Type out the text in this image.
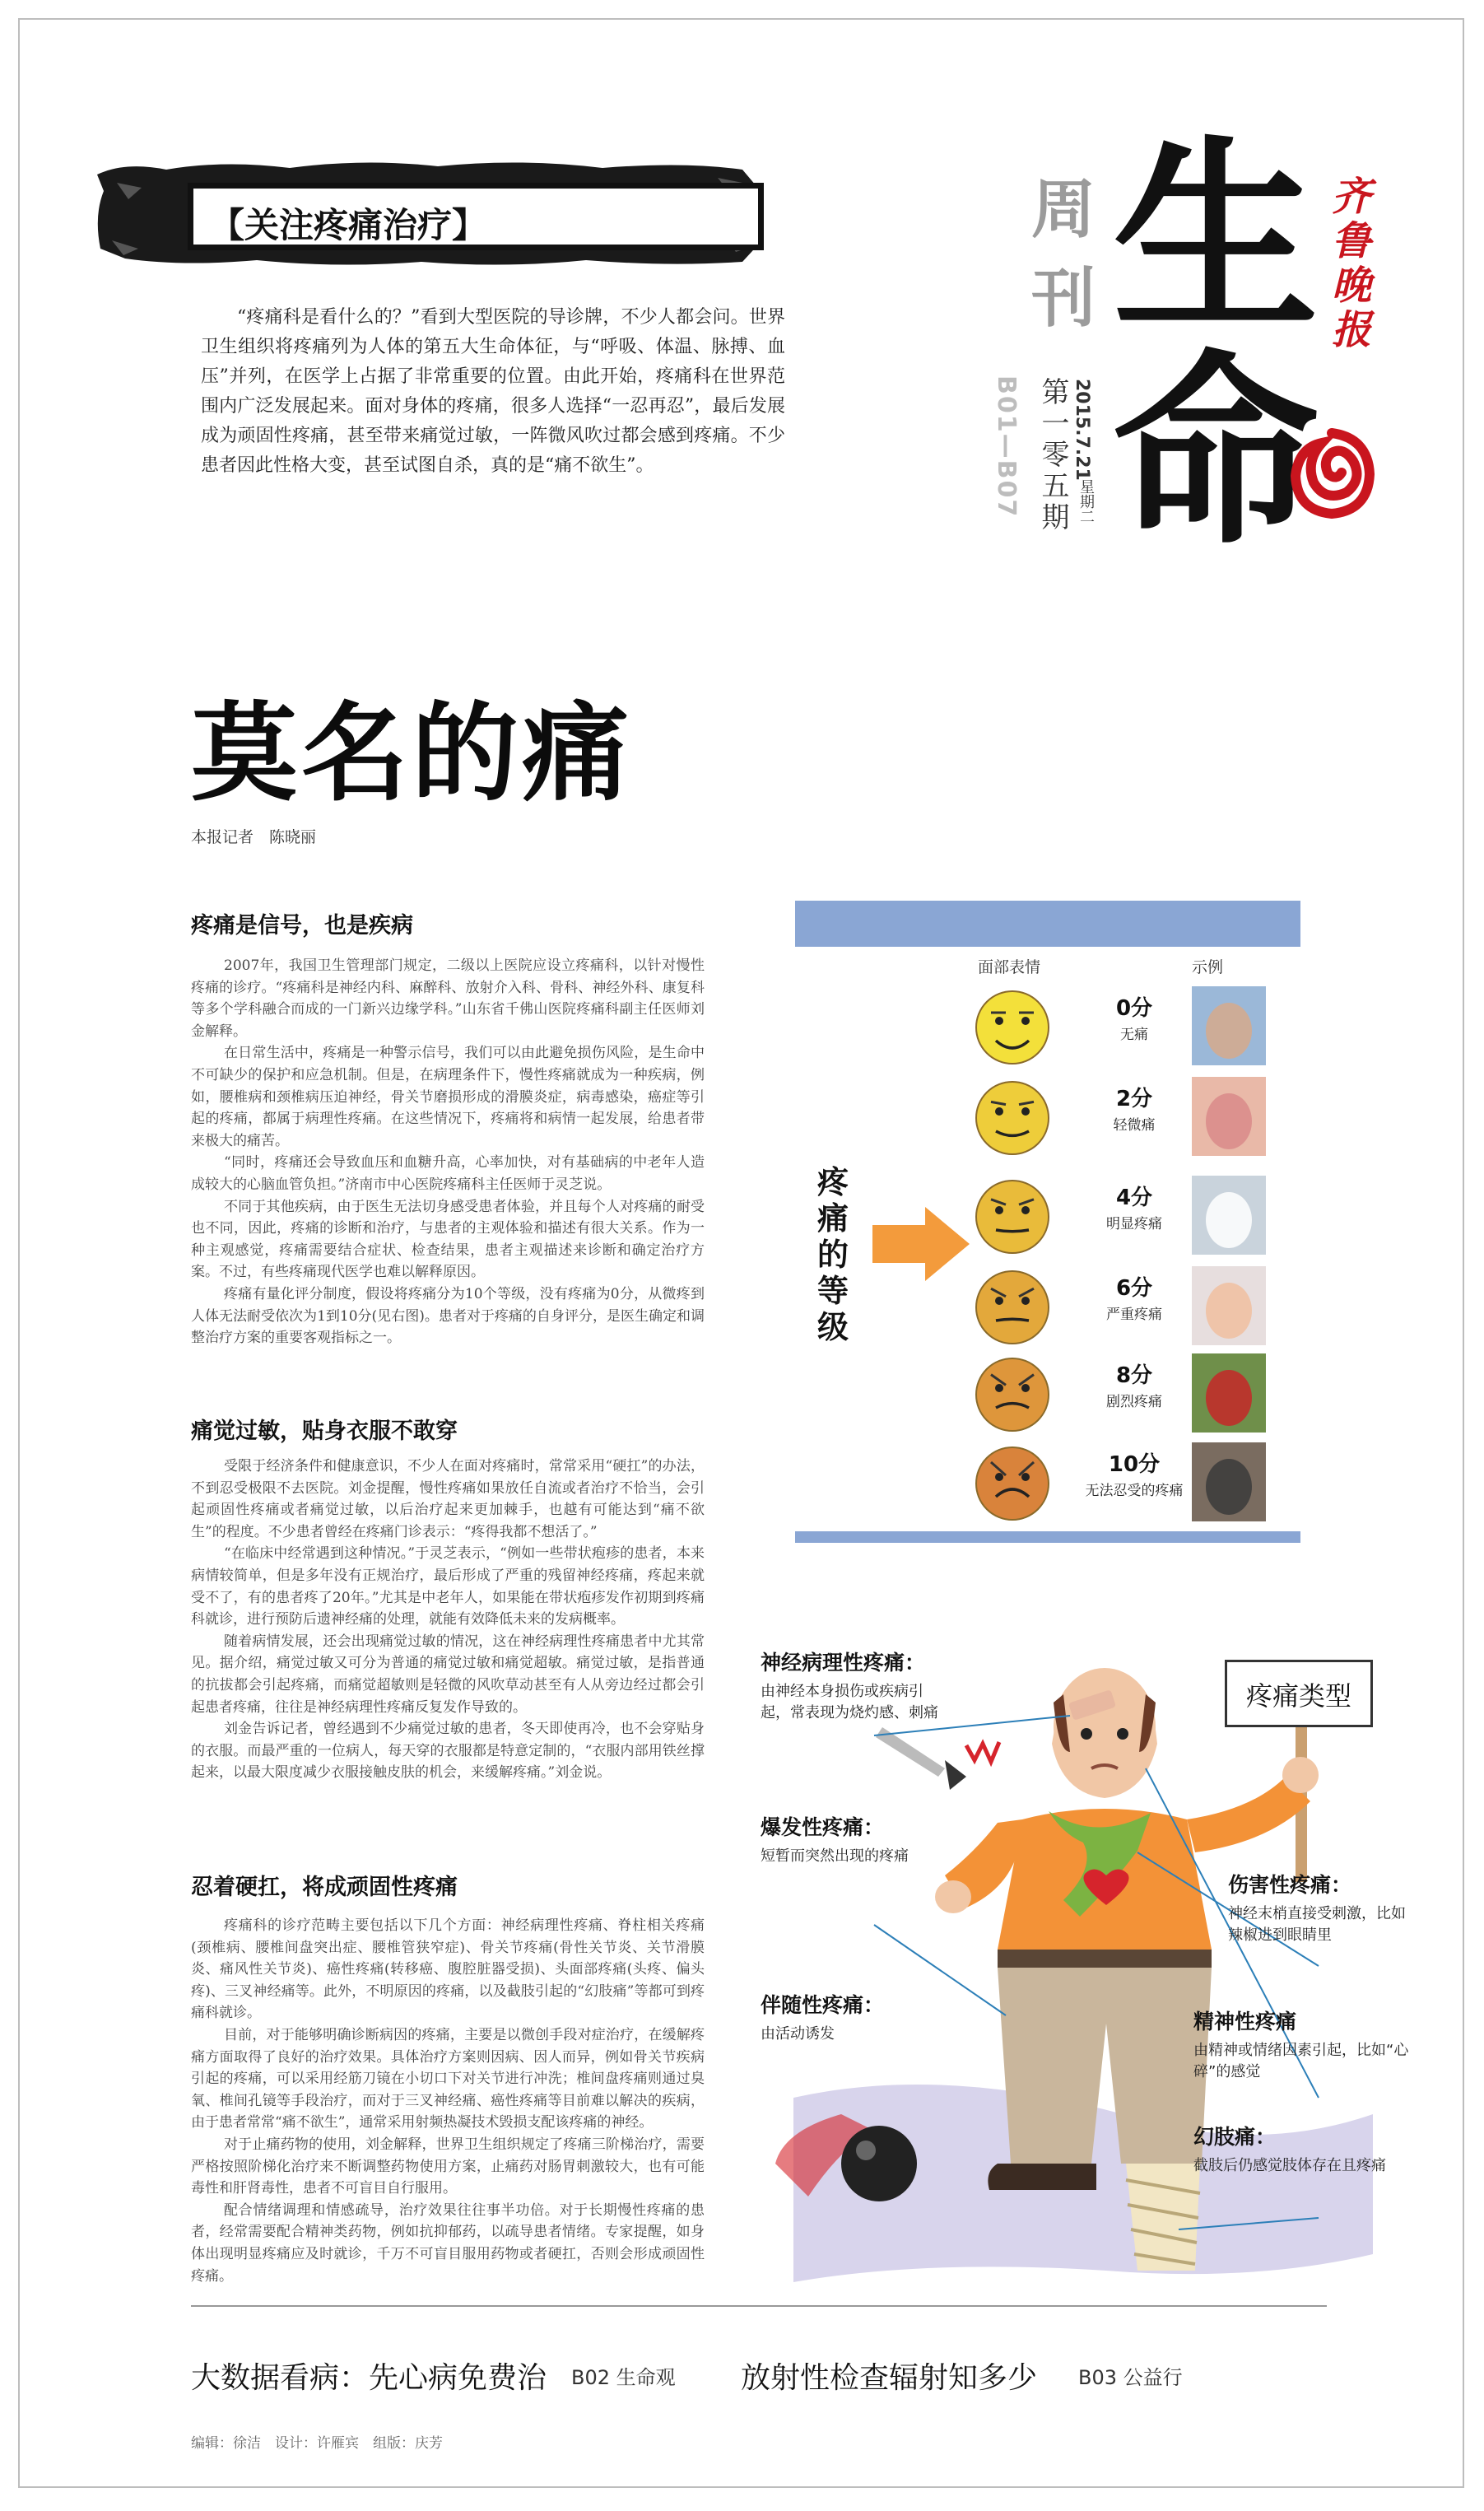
【关注疼痛治疗】

“疼痛科是看什么的？”看到大型医院的导诊牌，不少人都会问。世界卫生组织将疼痛列为人体的第五大生命体征，与“呼吸、体温、脉搏、血压”并列，在医学上占据了非常重要的位置。由此开始，疼痛科在世界范围内广泛发展起来。面对身体的疼痛，很多人选择“一忍再忍”，最后发展成为顽固性疼痛，甚至带来痛觉过敏，一阵微风吹过都会感到疼痛。不少患者因此性格大变，甚至试图自杀，真的是“痛不欲生”。

周
刊
B01—B07 第一零五期 2015.7.21
星期二
生
命
齐鲁晚报
莫名的痛
本报记者　陈晓丽
疼痛是信号，也是疾病

2007年，我国卫生管理部门规定，二级以上医院应设立疼痛科，以针对慢性疼痛的诊疗。“疼痛科是神经内科、麻醉科、放射介入科、骨科、神经外科、康复科等多个学科融合而成的一门新兴边缘学科。”山东省千佛山医院疼痛科副主任医师刘金解释。

在日常生活中，疼痛是一种警示信号，我们可以由此避免损伤风险，是生命中不可缺少的保护和应急机制。但是，在病理条件下，慢性疼痛就成为一种疾病，例如，腰椎病和颈椎病压迫神经，骨关节磨损形成的滑膜炎症，病毒感染，癌症等引起的疼痛，都属于病理性疼痛。在这些情况下，疼痛将和病情一起发展，给患者带来极大的痛苦。

“同时，疼痛还会导致血压和血糖升高，心率加快，对有基础病的中老年人造成较大的心脑血管负担。”济南市中心医院疼痛科主任医师于灵芝说。

不同于其他疾病，由于医生无法切身感受患者体验，并且每个人对疼痛的耐受也不同，因此，疼痛的诊断和治疗，与患者的主观体验和描述有很大关系。作为一种主观感觉，疼痛需要结合症状、检查结果，患者主观描述来诊断和确定治疗方案。不过，有些疼痛现代医学也难以解释原因。

疼痛有量化评分制度，假设将疼痛分为10个等级，没有疼痛为0分，从微疼到人体无法耐受依次为1到10分(见右图)。患者对于疼痛的自身评分，是医生确定和调整治疗方案的重要客观指标之一。

痛觉过敏，贴身衣服不敢穿

受限于经济条件和健康意识，不少人在面对疼痛时，常常采用“硬扛”的办法，不到忍受极限不去医院。刘金提醒，慢性疼痛如果放任自流或者治疗不恰当，会引起顽固性疼痛或者痛觉过敏，以后治疗起来更加棘手，也越有可能达到“痛不欲生”的程度。不少患者曾经在疼痛门诊表示：“疼得我都不想活了。”

“在临床中经常遇到这种情况。”于灵芝表示，“例如一些带状疱疹的患者，本来病情较简单，但是多年没有正规治疗，最后形成了严重的残留神经疼痛，疼起来就受不了，有的患者疼了20年。”尤其是中老年人，如果能在带状疱疹发作初期到疼痛科就诊，进行预防后遗神经痛的处理，就能有效降低未来的发病概率。

随着病情发展，还会出现痛觉过敏的情况，这在神经病理性疼痛患者中尤其常见。据介绍，痛觉过敏又可分为普通的痛觉过敏和痛觉超敏。痛觉过敏，是指普通的抗拔都会引起疼痛，而痛觉超敏则是轻微的风吹草动甚至有人从旁边经过都会引起患者疼痛，往往是神经病理性疼痛反复发作导致的。

刘金告诉记者，曾经遇到不少痛觉过敏的患者，冬天即使再冷，也不会穿贴身的衣服。而最严重的一位病人，每天穿的衣服都是特意定制的，“衣服内部用铁丝撑起来，以最大限度减少衣服接触皮肤的机会，来缓解疼痛。”刘金说。

忍着硬扛，将成顽固性疼痛

疼痛科的诊疗范畴主要包括以下几个方面：神经病理性疼痛、脊柱相关疼痛(颈椎病、腰椎间盘突出症、腰椎管狭窄症)、骨关节疼痛(骨性关节炎、关节滑膜炎、痛风性关节炎)、癌性疼痛(转移癌、腹腔脏器受损)、头面部疼痛(头疼、偏头疼)、三叉神经痛等。此外，不明原因的疼痛，以及截肢引起的“幻肢痛”等都可到疼痛科就诊。

目前，对于能够明确诊断病因的疼痛，主要是以微创手段对症治疗，在缓解疼痛方面取得了良好的治疗效果。具体治疗方案则因病、因人而异，例如骨关节疾病引起的疼痛，可以采用经筋刀镜在小切口下对关节进行冲洗；椎间盘疼痛则通过臭氧、椎间孔镜等手段治疗，而对于三叉神经痛、癌性疼痛等目前难以解决的疾病，由于患者常常“痛不欲生”，通常采用射频热凝技术毁损支配该疼痛的神经。

对于止痛药物的使用，刘金解释，世界卫生组织规定了疼痛三阶梯治疗，需要严格按照阶梯化治疗来不断调整药物使用方案，止痛药对肠胃刺激较大，也有可能毒性和肝肾毒性，患者不可盲目自行服用。

配合情绪调理和情感疏导，治疗效果往往事半功倍。对于长期慢性疼痛的患者，经常需要配合精神类药物，例如抗抑郁药，以疏导患者情绪。专家提醒，如身体出现明显疼痛应及时就诊，千万不可盲目服用药物或者硬扛，否则会形成顽固性疼痛。

面部表情	示例
疼痛的等级
0分
无痛
2分
轻微痛
4分
明显疼痛
6分
严重疼痛
8分
剧烈疼痛
10分
无法忍受的疼痛
疼痛类型
神经病理性疼痛：
由神经本身损伤或疾病引起，常表现为烧灼感、刺痛
爆发性疼痛：
短暂而突然出现的疼痛
伴随性疼痛：
由活动诱发
伤害性疼痛：
神经末梢直接受刺激，比如辣椒进到眼睛里
精神性疼痛
由精神或情绪因素引起，比如“心碎”的感觉
幻肢痛：
截肢后仍感觉肢体存在且疼痛
大数据看病：先心病免费治 B02 生命观 放射性检查辐射知多少 B03 公益行
编辑：徐洁　设计：许雁宾　组版：庆芳
